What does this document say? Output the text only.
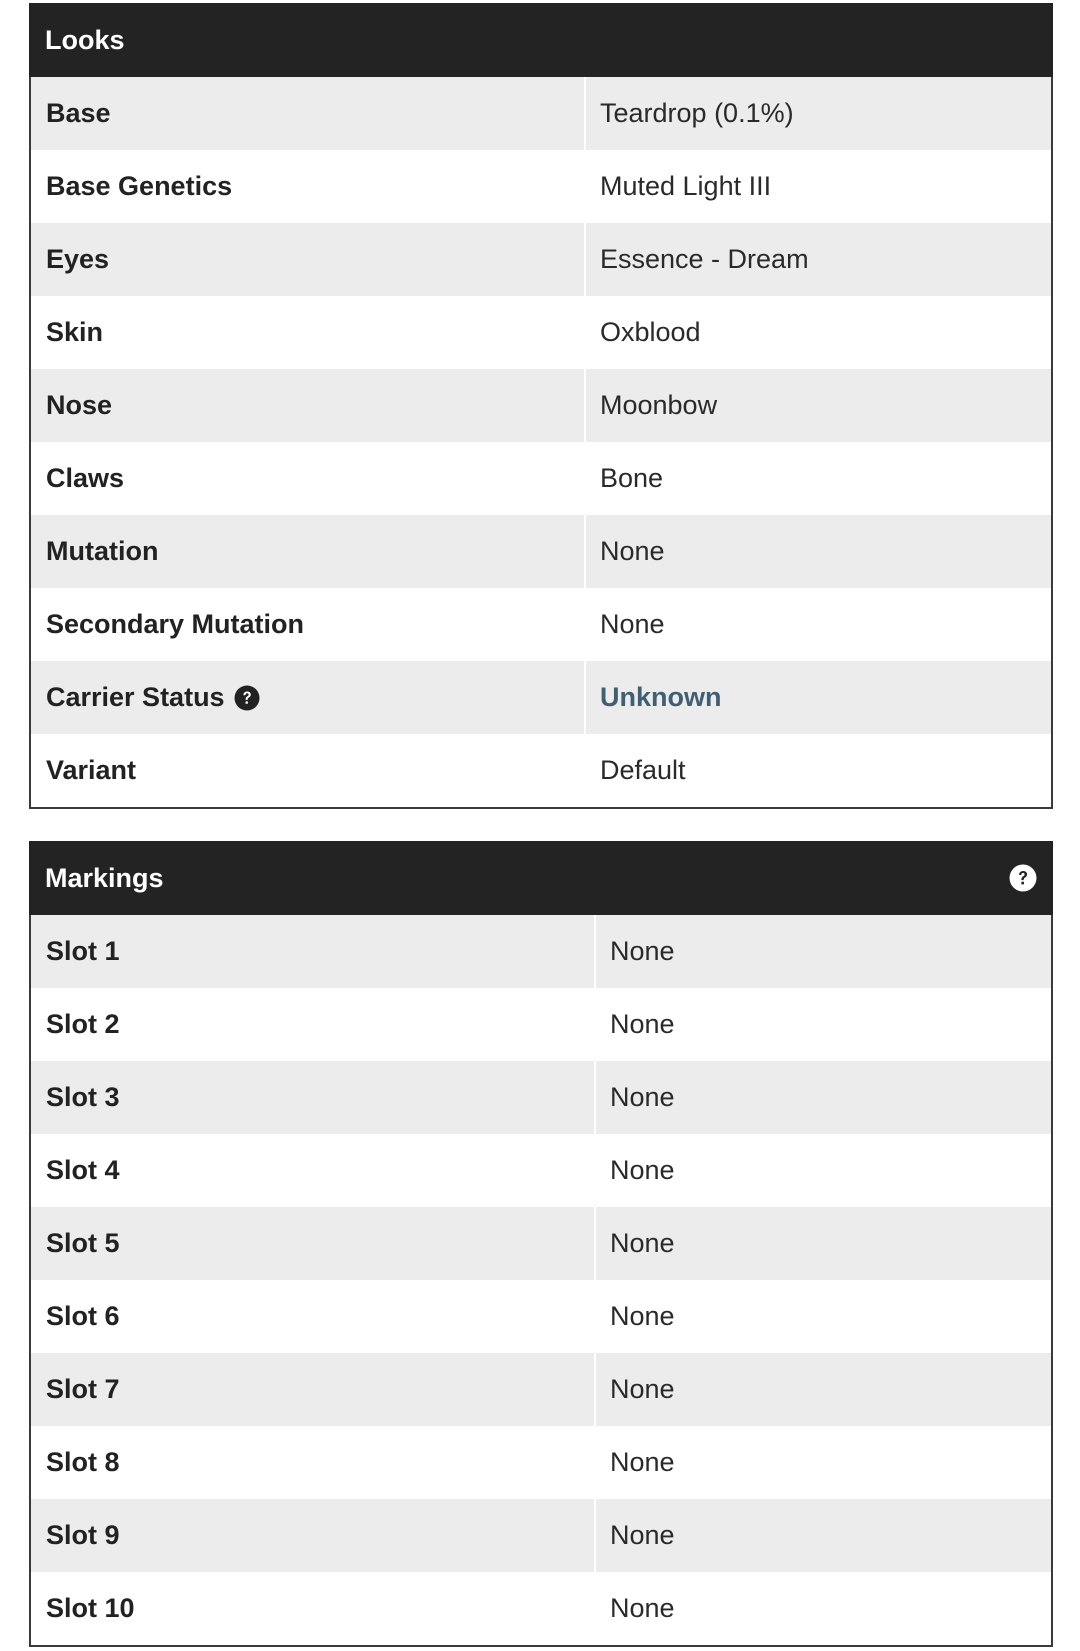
Looks
Base	Teardrop (0.1%)
Base Genetics	Muted Light III
Eyes	Essence - Dream
Skin	Oxblood
Nose	Moonbow
Claws	Bone
Mutation	None
Secondary Mutation	None
Carrier Status	Unknown
Variant	Default
Markings
Slot 1	None
Slot 2	None
Slot 3	None
Slot 4	None
Slot 5	None
Slot 6	None
Slot 7	None
Slot 8	None
Slot 9	None
Slot 10	None
